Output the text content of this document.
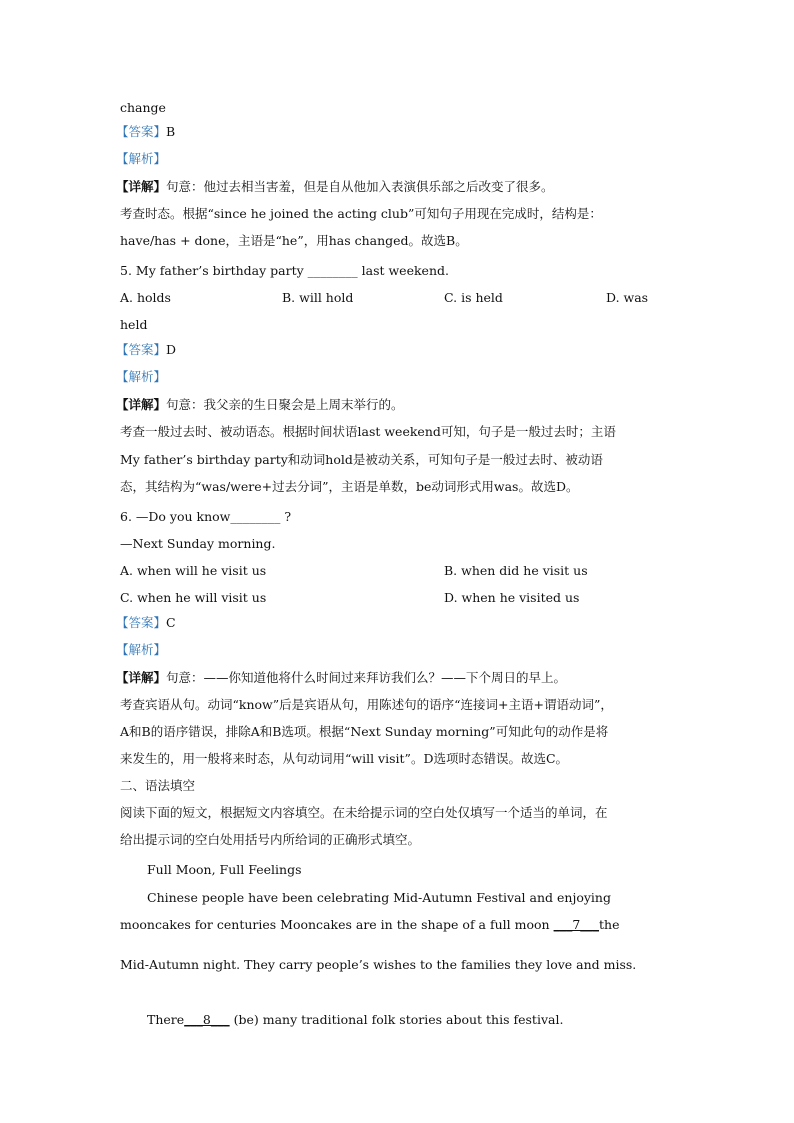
change
【答案】B
【解析】
【详解】句意：他过去相当害羞，但是自从他加入表演俱乐部之后改变了很多。
考查时态。根据“since he joined the acting club”可知句子用现在完成时，结构是：
have/has + done，主语是“he”，用has changed。故选B。
5. My father’s birthday party ________ last weekend.
A. holds	B. will hold	C. is held	D. was
held
【答案】D
【解析】
【详解】句意：我父亲的生日聚会是上周末举行的。
考查一般过去时、被动语态。根据时间状语last weekend可知，句子是一般过去时；主语
My father’s birthday party和动词hold是被动关系，可知句子是一般过去时、被动语
态，其结构为“was/were+过去分词”，主语是单数，be动词形式用was。故选D。
6. —Do you know________ ?
—Next Sunday morning.
A. when will he visit us	B. when did he visit us
C. when he will visit us	D. when he visited us
【答案】C
【解析】
【详解】句意：——你知道他将什么时间过来拜访我们么？——下个周日的早上。
考查宾语从句。动词“know”后是宾语从句，用陈述句的语序“连接词+主语+谓语动词”，
A和B的语序错误，排除A和B选项。根据“Next Sunday morning”可知此句的动作是将
来发生的，用一般将来时态，从句动词用“will visit”。D选项时态错误。故选C。
二、语法填空
阅读下面的短文，根据短文内容填空。在未给提示词的空白处仅填写一个适当的单词，在
给出提示词的空白处用括号内所给词的正确形式填空。
Full Moon, Full Feelings
Chinese people have been celebrating Mid-Autumn Festival and enjoying
mooncakes for centuries Mooncakes are in the shape of a full moon ___7___the
Mid-Autumn night. They carry people’s wishes to the families they love and miss.
There___8___ (be) many traditional folk stories about this festival.
